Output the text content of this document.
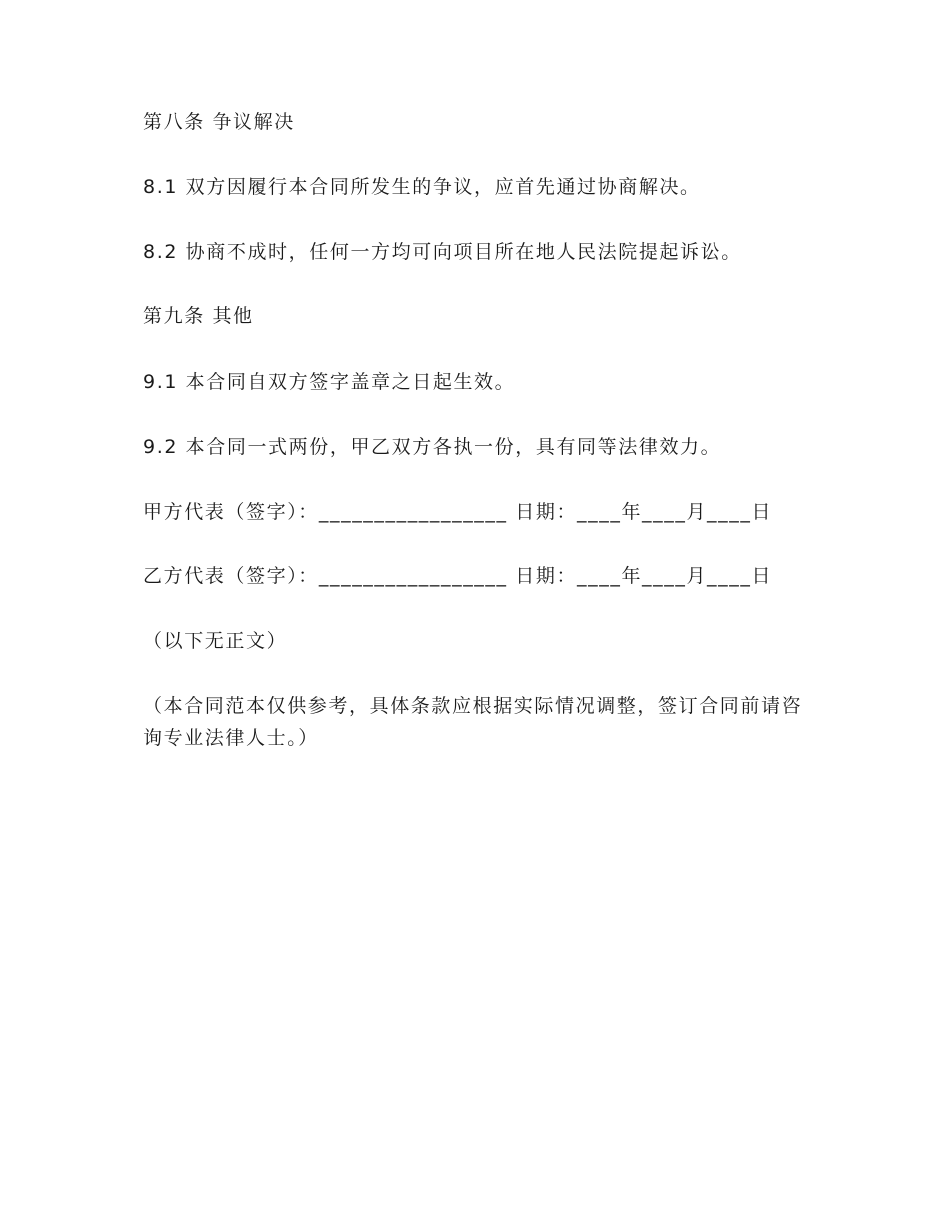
第八条 争议解决

8.1 双方因履行本合同所发生的争议，应首先通过协商解决。

8.2 协商不成时，任何一方均可向项目所在地人民法院提起诉讼。

第九条 其他

9.1 本合同自双方签字盖章之日起生效。

9.2 本合同一式两份，甲乙双方各执一份，具有同等法律效力。

甲方代表（签字）：_________________ 日期：____年____月____日

乙方代表（签字）：_________________ 日期：____年____月____日

（以下无正文）

（本合同范本仅供参考，具体条款应根据实际情况调整，签订合同前请咨询专业法律人士。）
